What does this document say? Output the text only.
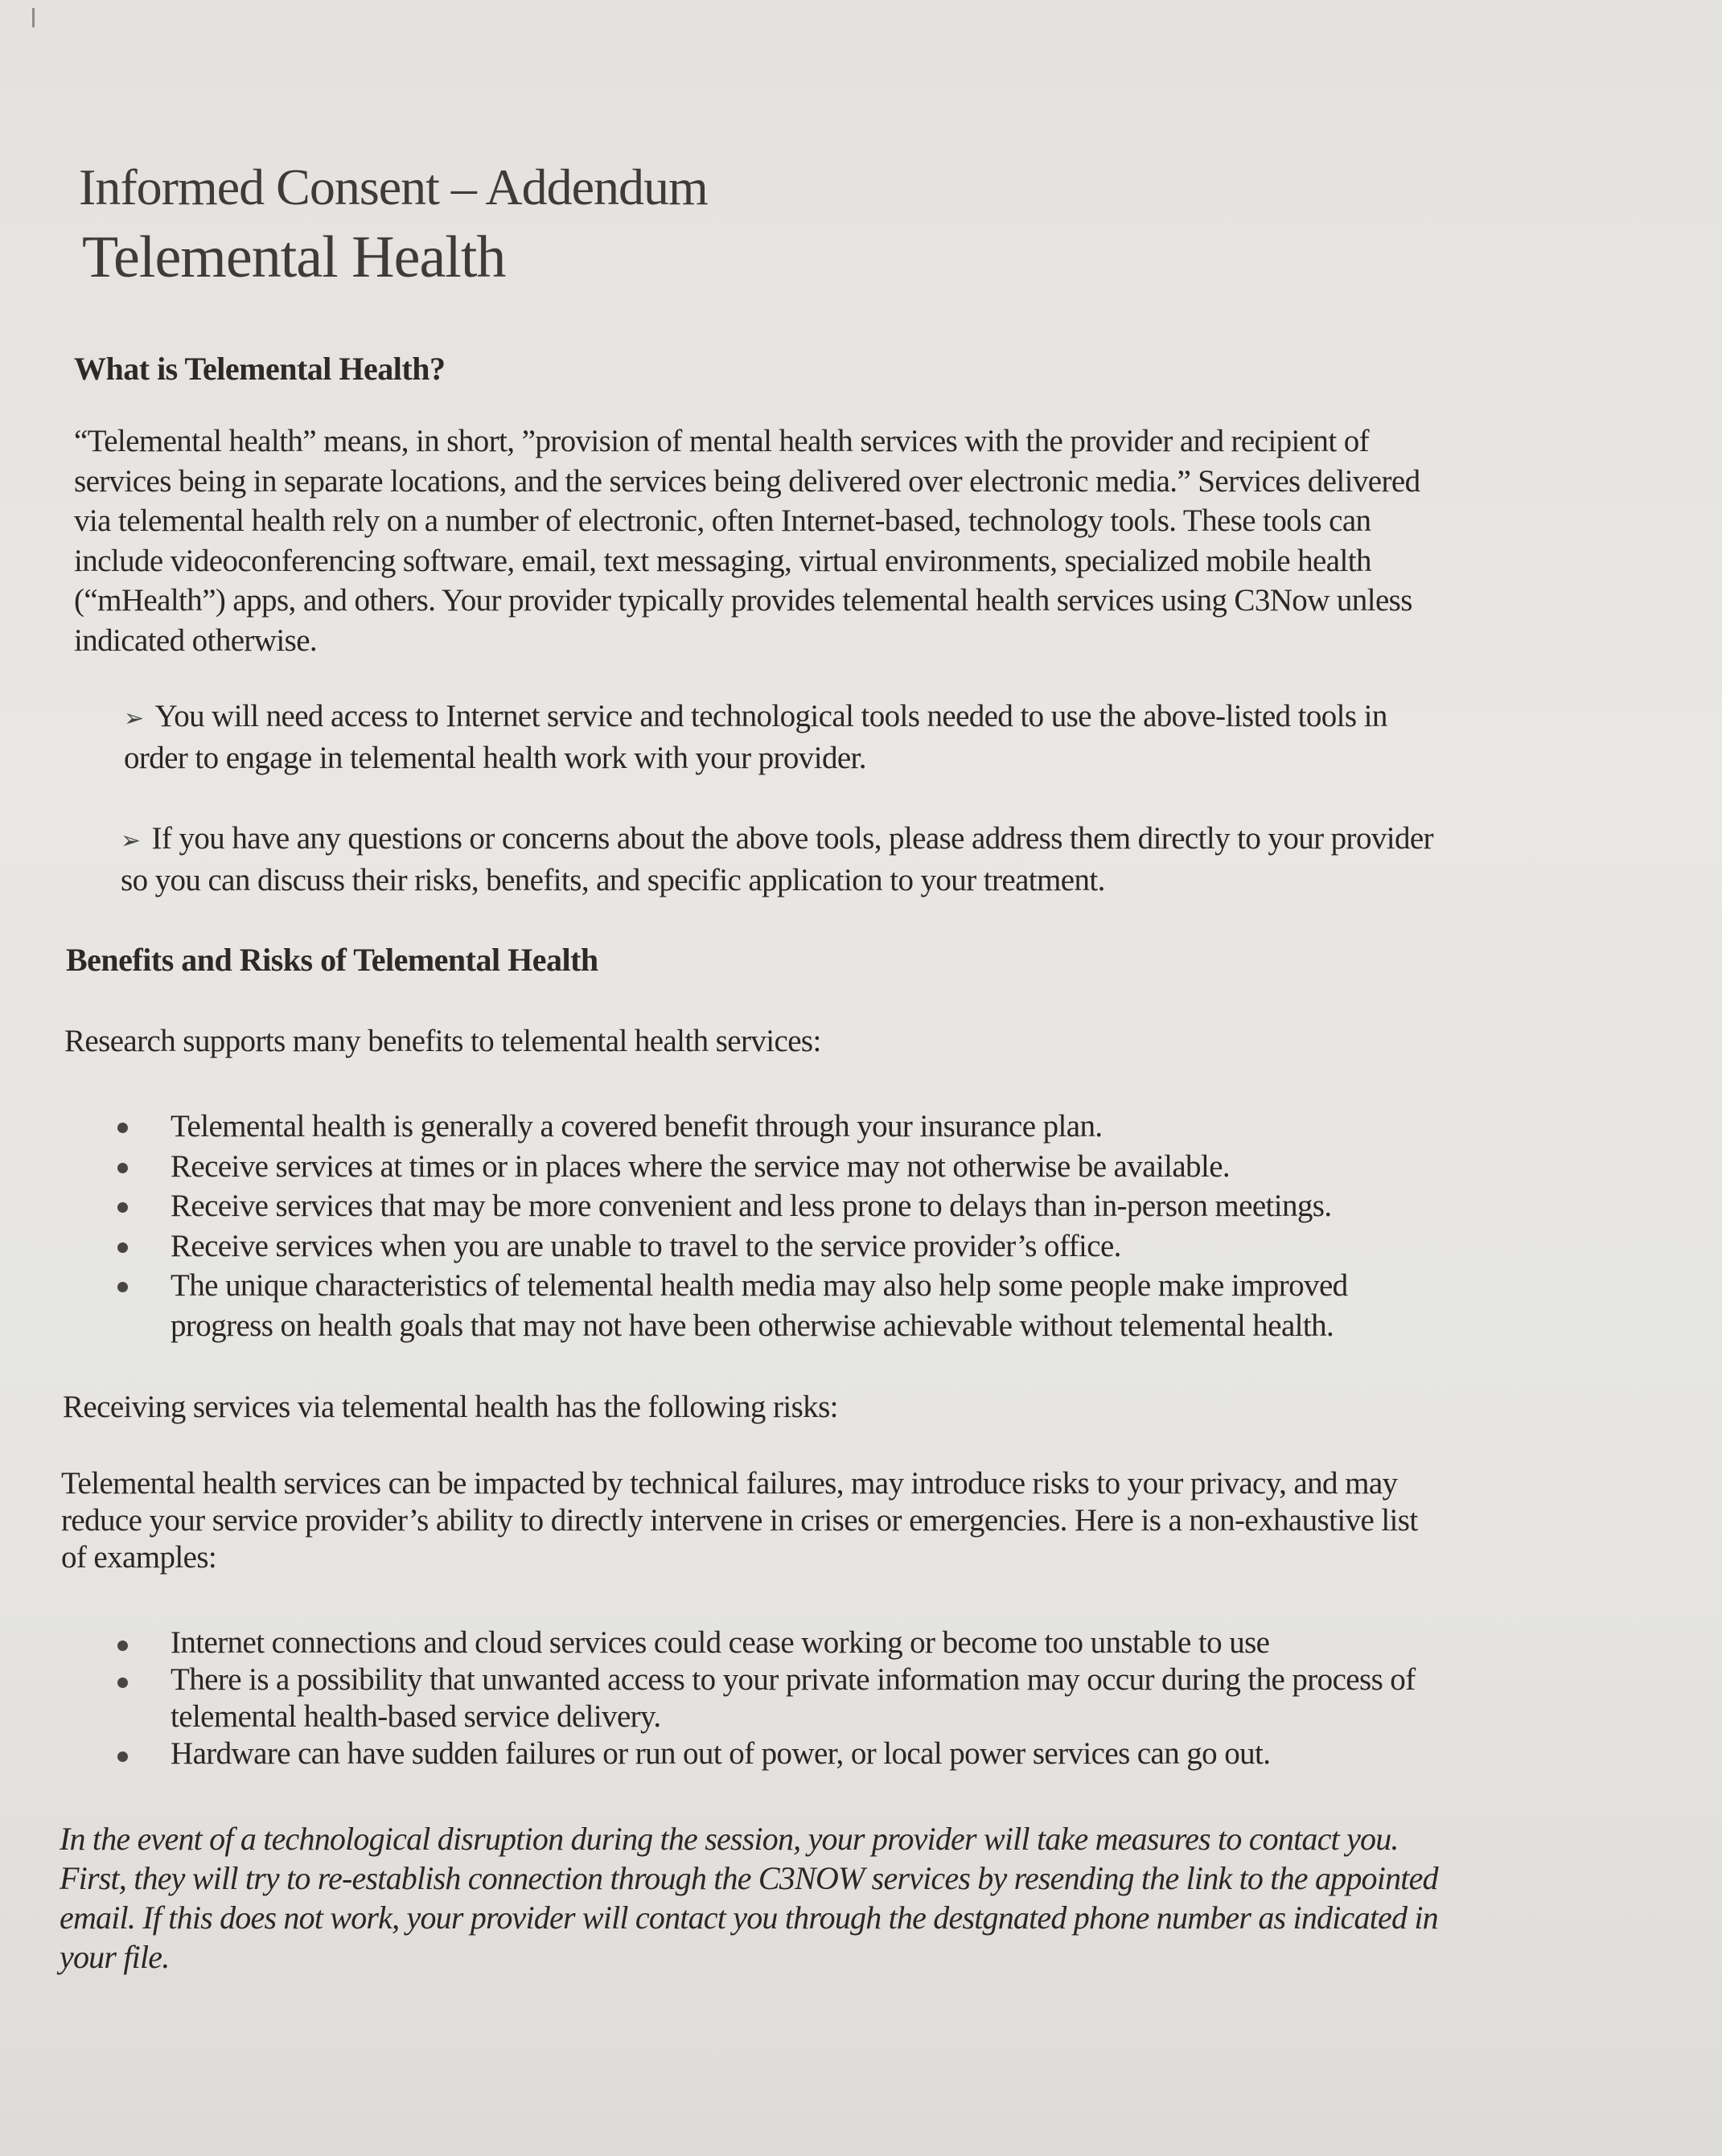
Informed Consent – Addendum
Telemental Health
What is Telemental Health?
“Telemental health” means, in short, ”provision of mental health services with the provider and recipient of
services being in separate locations, and the services being delivered over electronic media.” Services delivered
via telemental health rely on a number of electronic, often Internet-based, technology tools. These tools can
include videoconferencing software, email, text messaging, virtual environments, specialized mobile health
(“mHealth”) apps, and others. Your provider typically provides telemental health services using C3Now unless
indicated otherwise.
➢ You will need access to Internet service and technological tools needed to use the above-listed tools in
order to engage in telemental health work with your provider.
➢ If you have any questions or concerns about the above tools, please address them directly to your provider
so you can discuss their risks, benefits, and specific application to your treatment.
Benefits and Risks of Telemental Health
Research supports many benefits to telemental health services:
Telemental health is generally a covered benefit through your insurance plan.
Receive services at times or in places where the service may not otherwise be available.
Receive services that may be more convenient and less prone to delays than in-person meetings.
Receive services when you are unable to travel to the service provider’s office.
The unique characteristics of telemental health media may also help some people make improved
progress on health goals that may not have been otherwise achievable without telemental health.
Receiving services via telemental health has the following risks:
Telemental health services can be impacted by technical failures, may introduce risks to your privacy, and may
reduce your service provider’s ability to directly intervene in crises or emergencies. Here is a non-exhaustive list
of examples:
Internet connections and cloud services could cease working or become too unstable to use
There is a possibility that unwanted access to your private information may occur during the process of
telemental health-based service delivery.
Hardware can have sudden failures or run out of power, or local power services can go out.
In the event of a technological disruption during the session, your provider will take measures to contact you.
First, they will try to re-establish connection through the C3NOW services by resending the link to the appointed
email. If this does not work, your provider will contact you through the destgnated phone number as indicated in
your file.
